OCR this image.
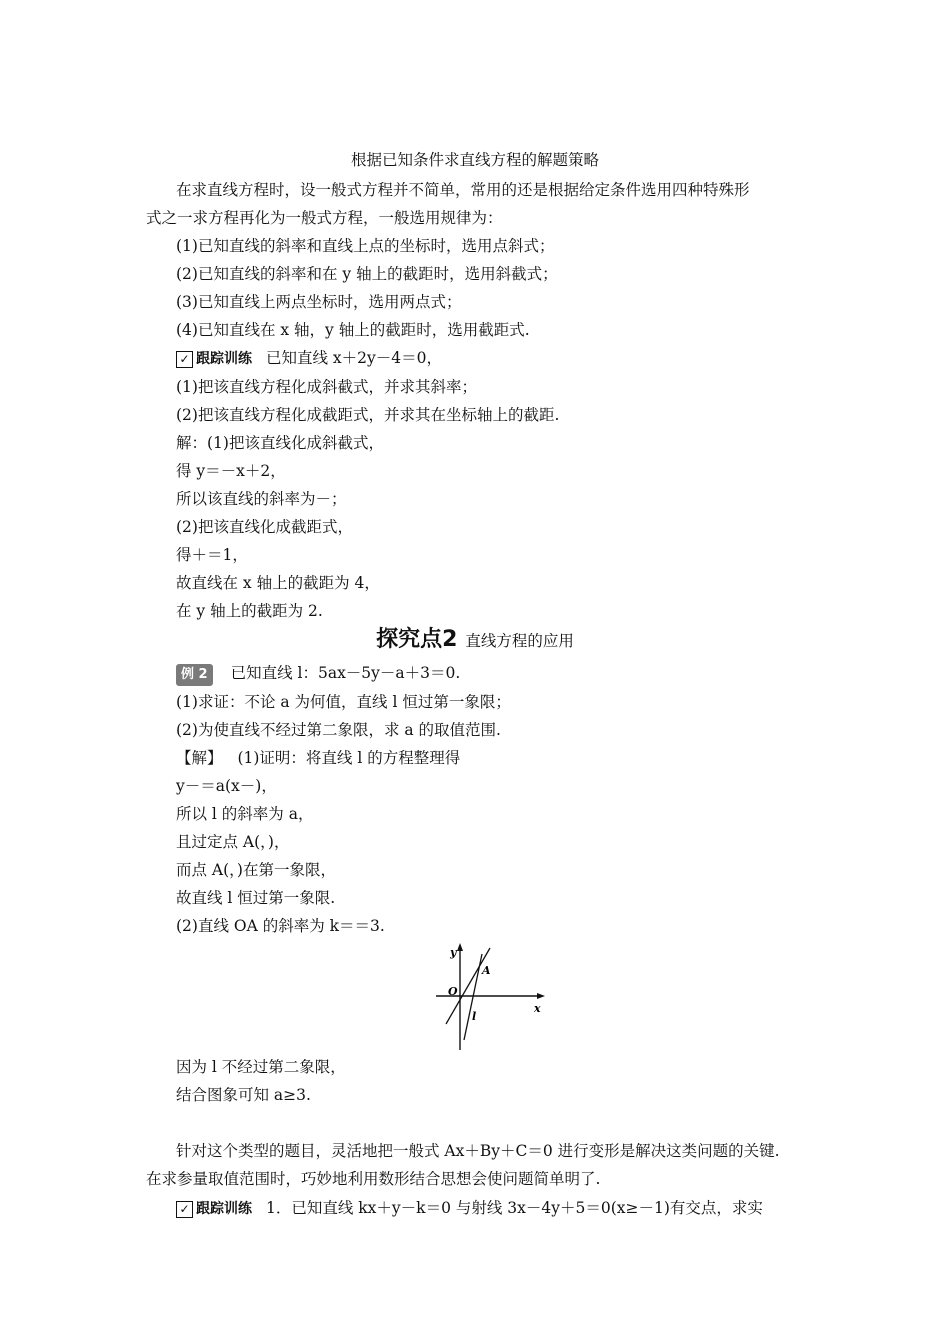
根据已知条件求直线方程的解题策略
在求直线方程时，设一般式方程并不简单，常用的还是根据给定条件选用四种特殊形
式之一求方程再化为一般式方程，一般选用规律为：
(1)已知直线的斜率和直线上点的坐标时，选用点斜式；
(2)已知直线的斜率和在 y 轴上的截距时，选用斜截式；
(3)已知直线上两点坐标时，选用两点式；
(4)已知直线在 x 轴，y 轴上的截距时，选用截距式.
✓ 跟踪训练 已知直线 x＋2y－4＝0，
(1)把该直线方程化成斜截式，并求其斜率；
(2)把该直线方程化成截距式，并求其在坐标轴上的截距.
解：(1)把该直线化成斜截式，
得 y＝－x＋2，
所以该直线的斜率为－；
(2)把该直线化成截距式，
得＋＝1，
故直线在 x 轴上的截距为 4，
在 y 轴上的截距为 2.
探究点2 直线方程的应用
例 2 已知直线 l：5ax－5y－a＋3＝0.
(1)求证：不论 a 为何值，直线 l 恒过第一象限；
(2)为使直线不经过第二象限，求 a 的取值范围.
【解】 (1)证明：将直线 l 的方程整理得
y－＝a(x－)，
所以 l 的斜率为 a，
且过定点 A(，)，
而点 A(，)在第一象限，
故直线 l 恒过第一象限.
(2)直线 OA 的斜率为 k＝＝3.
y
x
O
A
l
因为 l 不经过第二象限，
结合图象可知 a≥3.
针对这个类型的题目，灵活地把一般式 Ax＋By＋C＝0 进行变形是解决这类问题的关键.
在求参量取值范围时，巧妙地利用数形结合思想会使问题简单明了.
✓ 跟踪训练 1．已知直线 kx＋y－k＝0 与射线 3x－4y＋5＝0(x≥－1)有交点，求实
